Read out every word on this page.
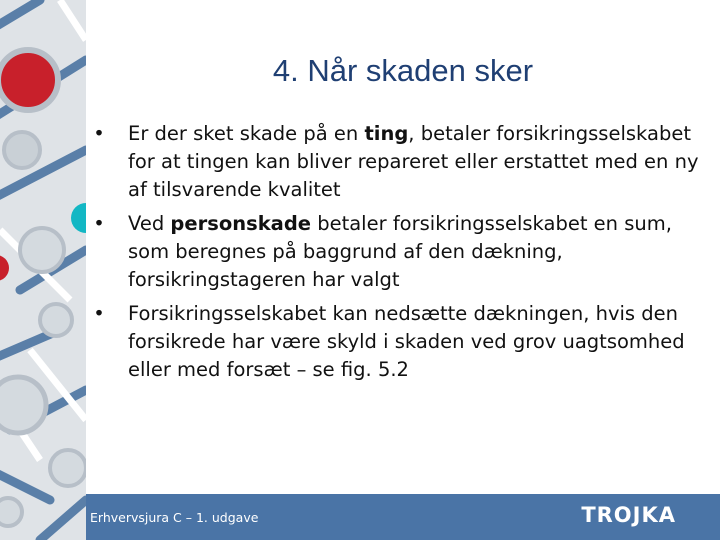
4. Når skaden sker
•	Er der sket skade på en ting, betaler forsikringsselskabet for at tingen kan bliver repareret eller erstattet med en ny af tilsvarende kvalitet
•	Ved personskade betaler forsikringsselskabet en sum, som beregnes på baggrund af den dækning, forsikringstageren har valgt
•	Forsikringsselskabet kan nedsætte dækningen, hvis den forsikrede har være skyld i skaden ved grov uagtsomhed eller med forsæt – se fig. 5.2
Erhvervsjura C – 1. udgave	TROJKA
